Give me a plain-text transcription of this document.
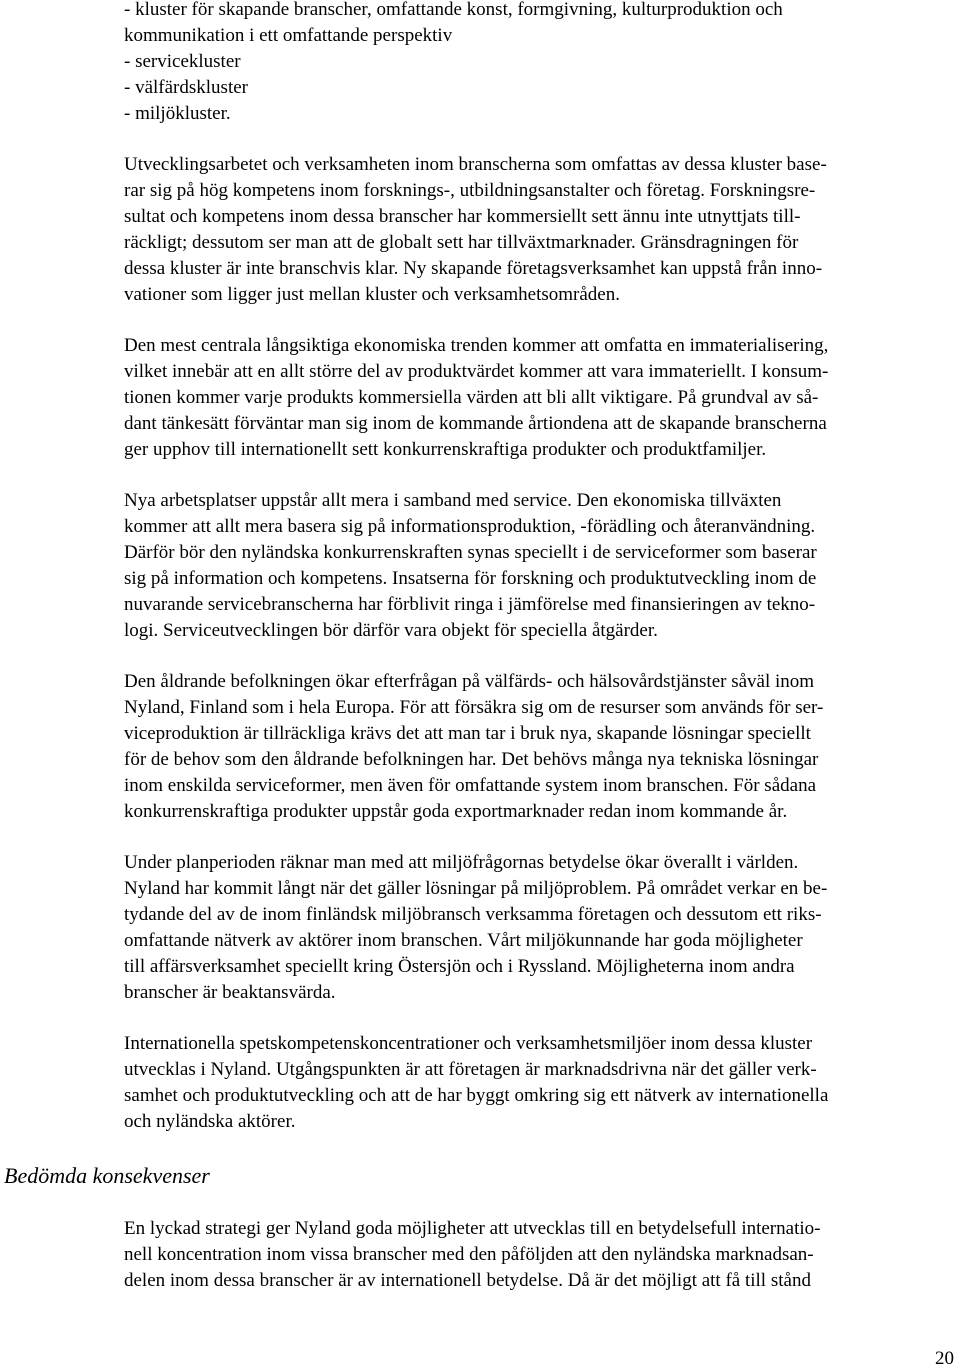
- kluster för skapande branscher, omfattande konst, formgivning, kulturproduktion och

kommunikation i ett omfattande perspektiv

- servicekluster

- välfärdskluster

- miljökluster.

Utvecklingsarbetet och verksamheten inom branscherna som omfattas av dessa kluster base-

rar sig på hög kompetens inom forsknings-, utbildningsanstalter och företag. Forskningsre-

sultat och kompetens inom dessa branscher har kommersiellt sett ännu inte utnyttjats till-

räckligt; dessutom ser man att de globalt sett har tillväxtmarknader. Gränsdragningen för

dessa kluster är inte branschvis klar. Ny skapande företagsverksamhet kan uppstå från inno-

vationer som ligger just mellan kluster och verksamhetsområden.

Den mest centrala långsiktiga ekonomiska trenden kommer att omfatta en immaterialisering,

vilket innebär att en allt större del av produktvärdet kommer att vara immateriellt. I konsum-

tionen kommer varje produkts kommersiella värden att bli allt viktigare. På grundval av så-

dant tänkesätt förväntar man sig inom de kommande årtiondena att de skapande branscherna

ger upphov till internationellt sett konkurrenskraftiga produkter och produktfamiljer.

Nya arbetsplatser uppstår allt mera i samband med service. Den ekonomiska tillväxten

kommer att allt mera basera sig på informationsproduktion, -förädling och återanvändning.

Därför bör den nyländska konkurrenskraften synas speciellt i de serviceformer som baserar

sig på information och kompetens. Insatserna för forskning och produktutveckling inom de

nuvarande servicebranscherna har förblivit ringa i jämförelse med finansieringen av tekno-

logi. Serviceutvecklingen bör därför vara objekt för speciella åtgärder.

Den åldrande befolkningen ökar efterfrågan på välfärds- och hälsovårdstjänster såväl inom

Nyland, Finland som i hela Europa. För att försäkra sig om de resurser som används för ser-

viceproduktion är tillräckliga krävs det att man tar i bruk nya, skapande lösningar speciellt

för de behov som den åldrande befolkningen har. Det behövs många nya tekniska lösningar

inom enskilda serviceformer, men även för omfattande system inom branschen. För sådana

konkurrenskraftiga produkter uppstår goda exportmarknader redan inom kommande år.

Under planperioden räknar man med att miljöfrågornas betydelse ökar överallt i världen.

Nyland har kommit långt när det gäller lösningar på miljöproblem. På området verkar en be-

tydande del av de inom finländsk miljöbransch verksamma företagen och dessutom ett riks-

omfattande nätverk av aktörer inom branschen. Vårt miljökunnande har goda möjligheter

till affärsverksamhet speciellt kring Östersjön och i Ryssland. Möjligheterna inom andra

branscher är beaktansvärda.

Internationella spetskompetenskoncentrationer och verksamhetsmiljöer inom dessa kluster

utvecklas i Nyland. Utgångspunkten är att företagen är marknadsdrivna när det gäller verk-

samhet och produktutveckling och att de har byggt omkring sig ett nätverk av internationella

och nyländska aktörer.

Bedömda konsekvenser

En lyckad strategi ger Nyland goda möjligheter att utvecklas till en betydelsefull internatio-

nell koncentration inom vissa branscher med den påföljden att den nyländska marknadsan-

delen inom dessa branscher är av internationell betydelse. Då är det möjligt att få till stånd

20
